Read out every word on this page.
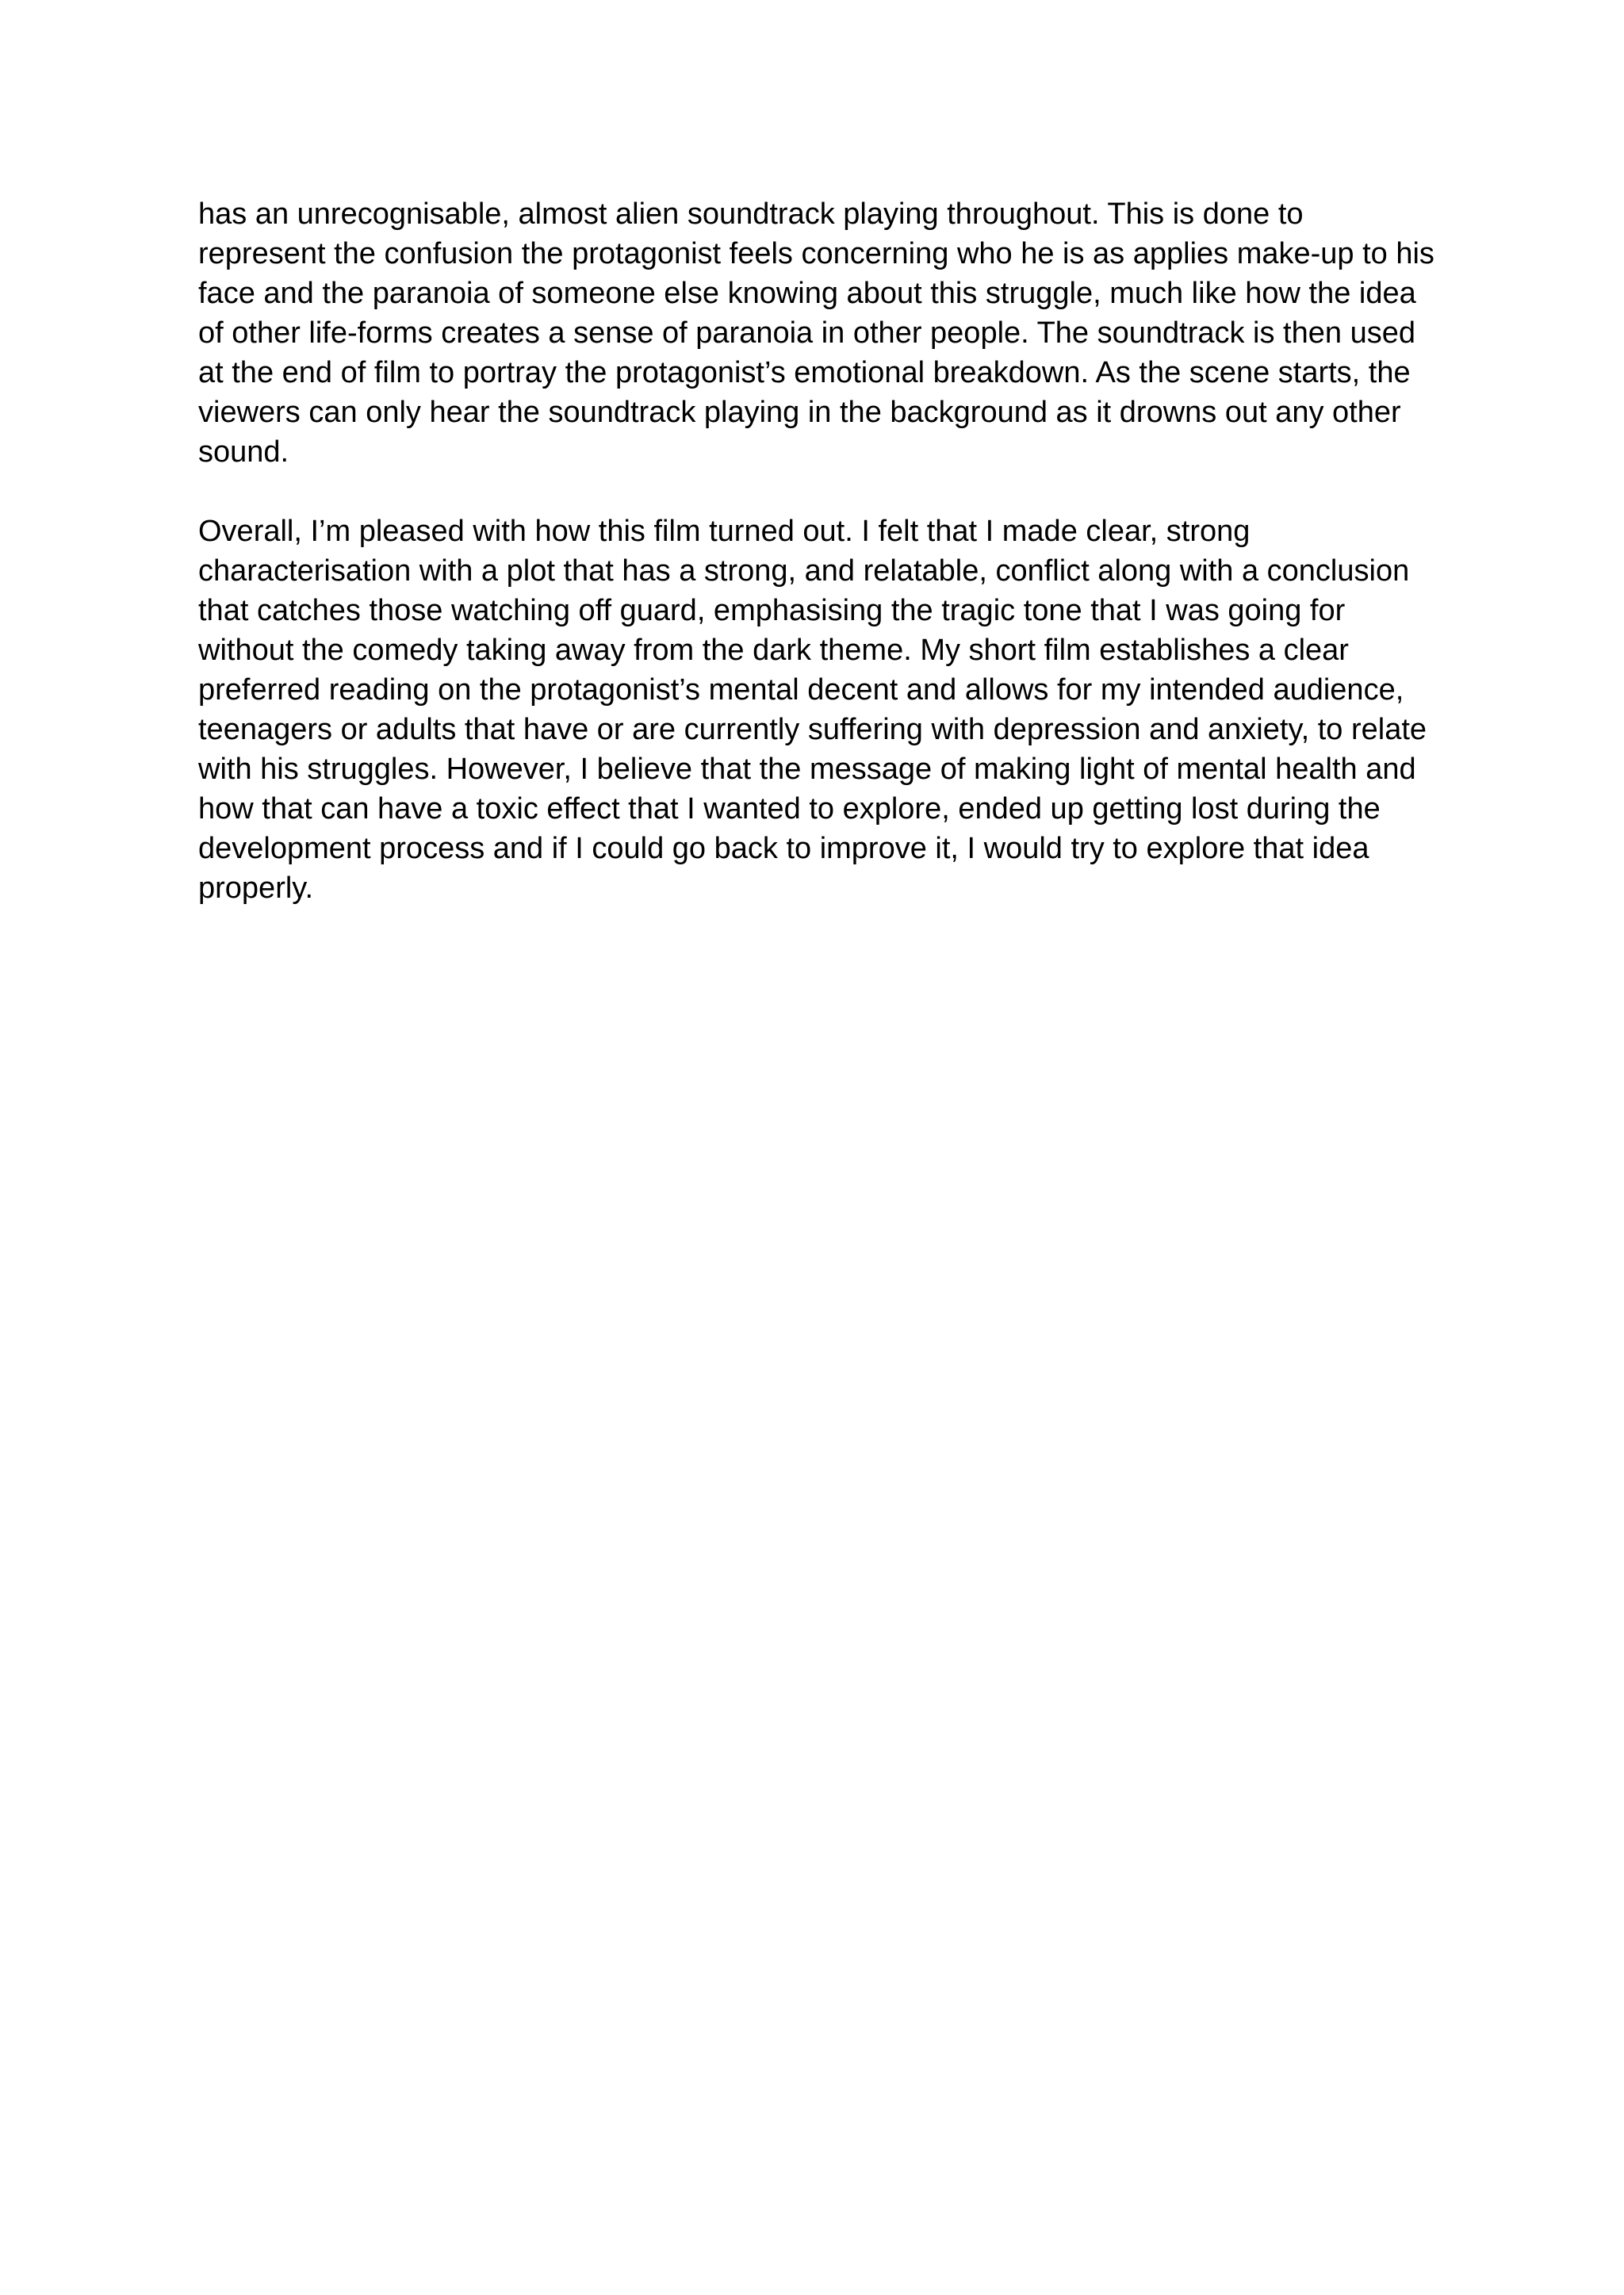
has an unrecognisable, almost alien soundtrack playing throughout. This is done to

represent the confusion the protagonist feels concerning who he is as applies make-up to his

face and the paranoia of someone else knowing about this struggle, much like how the idea

of other life-forms creates a sense of paranoia in other people. The soundtrack is then used

at the end of film to portray the protagonist’s emotional breakdown. As the scene starts, the

viewers can only hear the soundtrack playing in the background as it drowns out any other

sound.

Overall, I’m pleased with how this film turned out. I felt that I made clear, strong

characterisation with a plot that has a strong, and relatable, conflict along with a conclusion

that catches those watching off guard, emphasising the tragic tone that I was going for

without the comedy taking away from the dark theme. My short film establishes a clear

preferred reading on the protagonist’s mental decent and allows for my intended audience,

teenagers or adults that have or are currently suffering with depression and anxiety, to relate

with his struggles. However, I believe that the message of making light of mental health and

how that can have a toxic effect that I wanted to explore, ended up getting lost during the

development process and if I could go back to improve it, I would try to explore that idea

properly.
